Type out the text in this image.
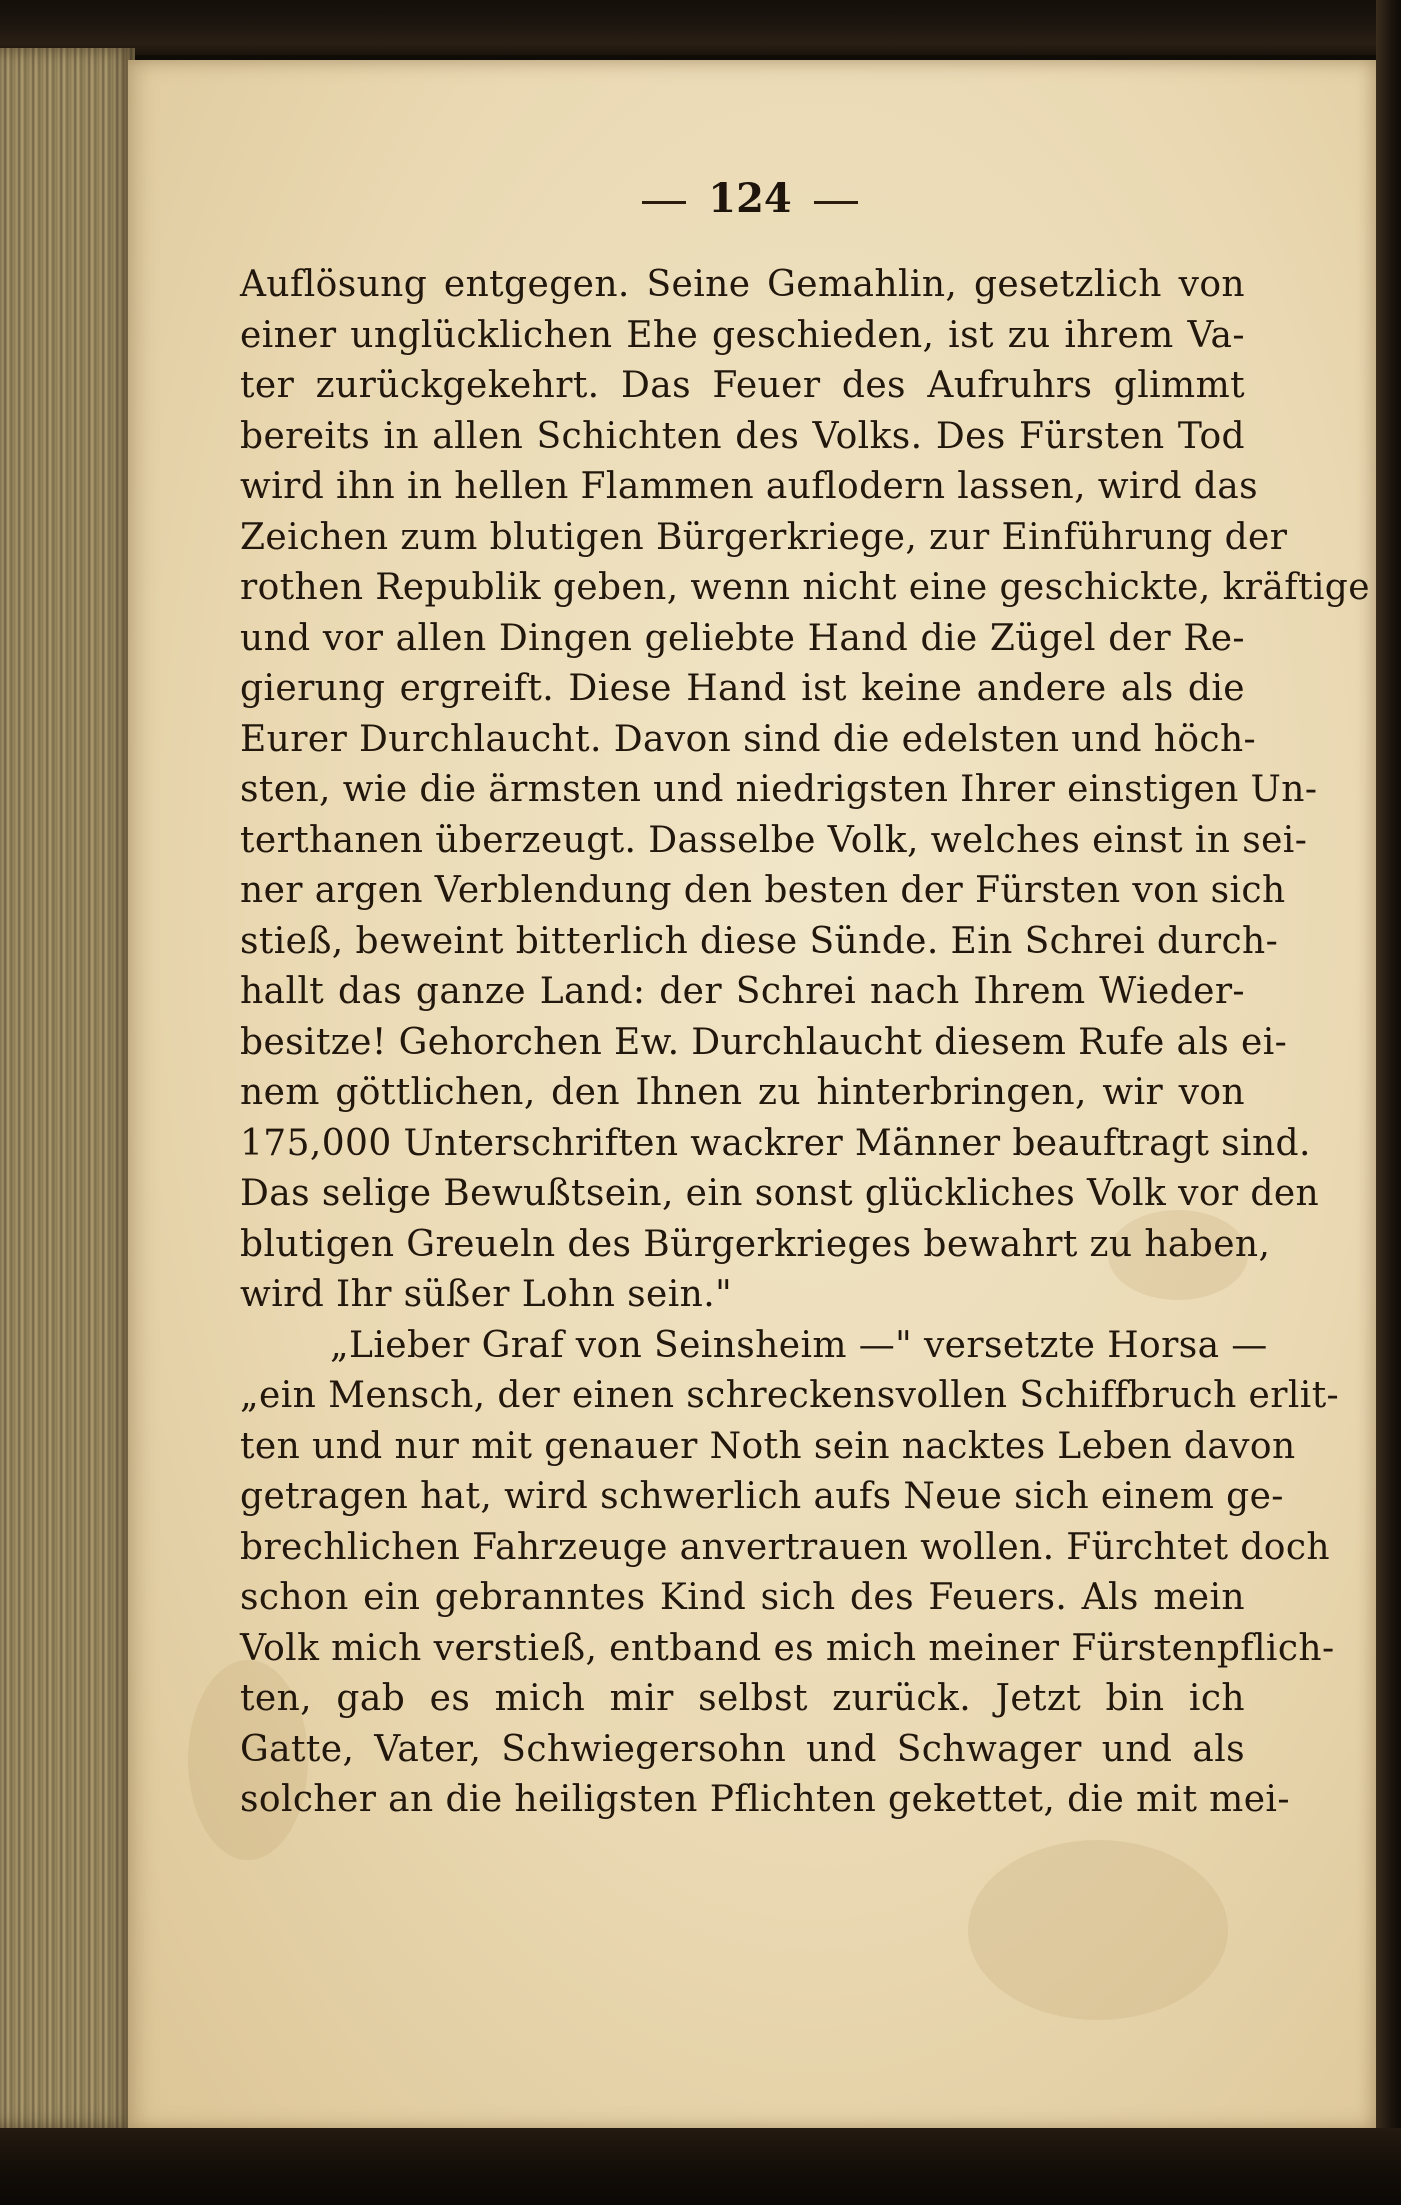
124
Auflösung entgegen. Seine Gemahlin, gesetzlich von
einer unglücklichen Ehe geschieden, ist zu ihrem Va-
ter zurückgekehrt. Das Feuer des Aufruhrs glimmt
bereits in allen Schichten des Volks. Des Fürsten Tod
wird ihn in hellen Flammen auflodern lassen, wird das
Zeichen zum blutigen Bürgerkriege, zur Einführung der
rothen Republik geben, wenn nicht eine geschickte, kräftige
und vor allen Dingen geliebte Hand die Zügel der Re-
gierung ergreift. Diese Hand ist keine andere als die
Eurer Durchlaucht. Davon sind die edelsten und höch-
sten, wie die ärmsten und niedrigsten Ihrer einstigen Un-
terthanen überzeugt. Dasselbe Volk, welches einst in sei-
ner argen Verblendung den besten der Fürsten von sich
stieß, beweint bitterlich diese Sünde. Ein Schrei durch-
hallt das ganze Land: der Schrei nach Ihrem Wieder-
besitze! Gehorchen Ew. Durchlaucht diesem Rufe als ei-
nem göttlichen, den Ihnen zu hinterbringen, wir von
175,000 Unterschriften wackrer Männer beauftragt sind.
Das selige Bewußtsein, ein sonst glückliches Volk vor den
blutigen Greueln des Bürgerkrieges bewahrt zu haben,
wird Ihr süßer Lohn sein."
„Lieber Graf von Seinsheim —" versetzte Horsa —
„ein Mensch, der einen schreckensvollen Schiffbruch erlit-
ten und nur mit genauer Noth sein nacktes Leben davon
getragen hat, wird schwerlich aufs Neue sich einem ge-
brechlichen Fahrzeuge anvertrauen wollen. Fürchtet doch
schon ein gebranntes Kind sich des Feuers. Als mein
Volk mich verstieß, entband es mich meiner Fürstenpflich-
ten, gab es mich mir selbst zurück. Jetzt bin ich
Gatte, Vater, Schwiegersohn und Schwager und als
solcher an die heiligsten Pflichten gekettet, die mit mei-
